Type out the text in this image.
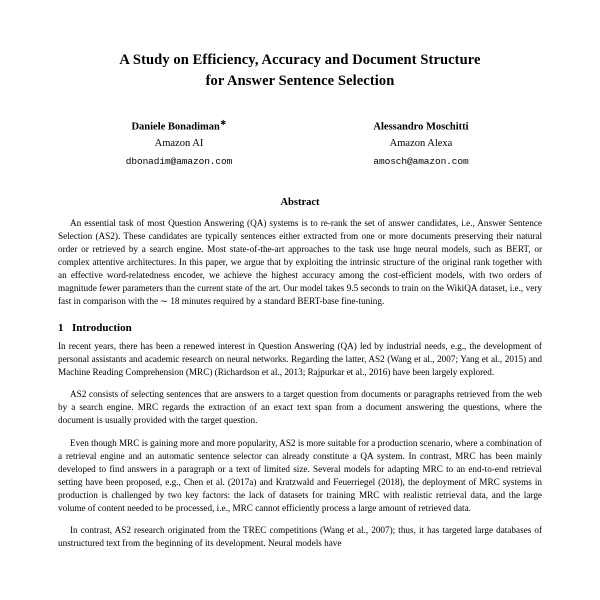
A Study on Efficiency, Accuracy and Document Structure
for Answer Sentence Selection
Daniele Bonadiman∗
Amazon AI
dbonadim@amazon.com
Alessandro Moschitti
Amazon Alexa
amosch@amazon.com
Abstract
An essential task of most Question Answering (QA) systems is to re-rank the set of answer candidates, i.e., Answer Sentence Selection (AS2). These candidates are typically sentences either extracted from one or more documents preserving their natural order or retrieved by a search engine. Most state-of-the-art approaches to the task use huge neural models, such as BERT, or complex attentive architectures. In this paper, we argue that by exploiting the intrinsic structure of the original rank together with an effective word-relatedness encoder, we achieve the highest accuracy among the cost-efficient models, with two orders of magnitude fewer parameters than the current state of the art. Our model takes 9.5 seconds to train on the WikiQA dataset, i.e., very fast in comparison with the ∼ 18 minutes required by a standard BERT-base fine-tuning.
1 Introduction

In recent years, there has been a renewed interest in Question Answering (QA) led by industrial needs, e.g., the development of personal assistants and academic research on neural networks. Regarding the latter, AS2 (Wang et al., 2007; Yang et al., 2015) and Machine Reading Comprehension (MRC) (Richardson et al., 2013; Rajpurkar et al., 2016) have been largely explored.

AS2 consists of selecting sentences that are answers to a target question from documents or paragraphs retrieved from the web by a search engine. MRC regards the extraction of an exact text span from a document answering the questions, where the document is usually provided with the target question.

Even though MRC is gaining more and more popularity, AS2 is more suitable for a production scenario, where a combination of a retrieval engine and an automatic sentence selector can already constitute a QA system. In contrast, MRC has been mainly developed to find answers in a paragraph or a text of limited size. Several models for adapting MRC to an end-to-end retrieval setting have been proposed, e.g., Chen et al. (2017a) and Kratzwald and Feuerriegel (2018), the deployment of MRC systems in production is challenged by two key factors: the lack of datasets for training MRC with realistic retrieval data, and the large volume of content needed to be processed, i.e., MRC cannot efficiently process a large amount of retrieved data.

In contrast, AS2 research originated from the TREC competitions (Wang et al., 2007); thus, it has targeted large databases of unstructured text from the beginning of its development. Neural models have
